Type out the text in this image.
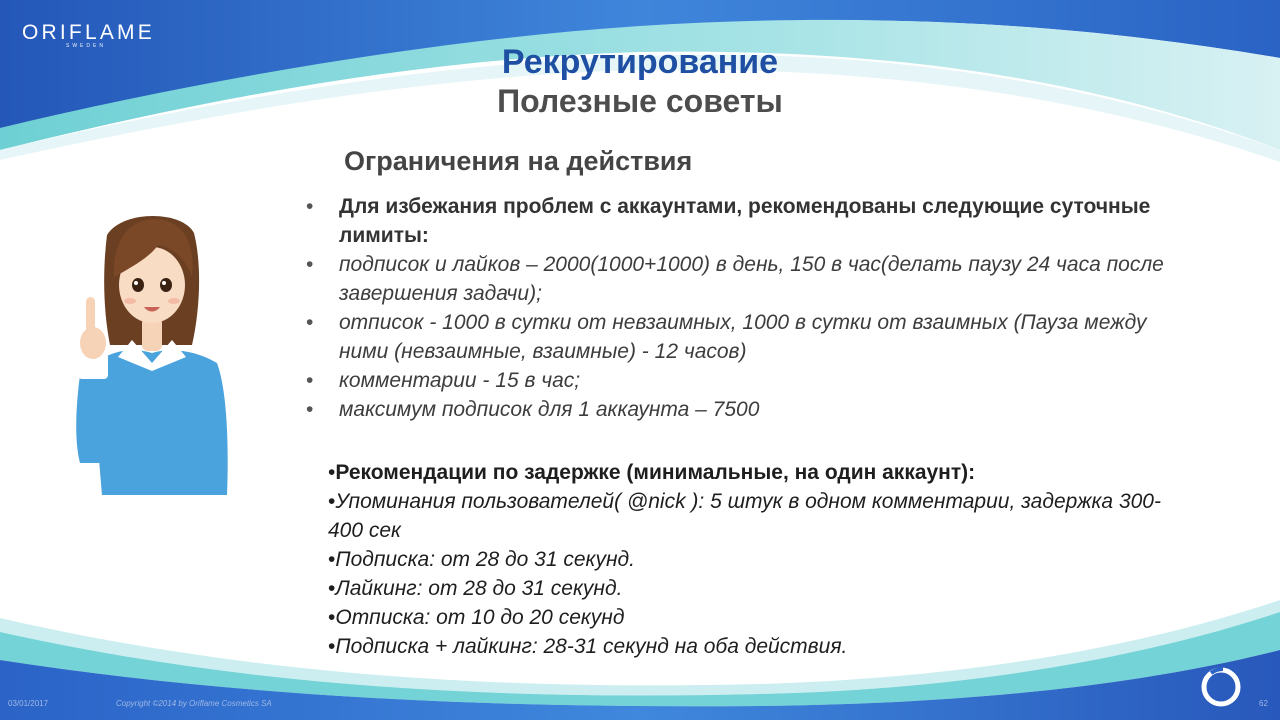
ORIFLAME
SWEDEN	Рекрутирование
Полезные советы
Ограничения на действия
• Для избежания проблем с аккаунтами, рекомендованы следующие суточные лимиты:
• подписок и лайков – 2000(1000+1000) в день, 150 в час(делать паузу 24 часа после завершения задачи);
• отписок - 1000 в сутки от невзаимных, 1000 в сутки от взаимных (Пауза между ними (невзаимные, взаимные) - 12 часов)
• комментарии - 15 в час;
• максимум подписок для 1 аккаунта – 7500
•Рекомендации по задержке (минимальные, на один аккаунт):
•Упоминания пользователей( @nick ): 5 штук в одном комментарии, задержка 300-400 сек
•Подписка: от 28 до 31 секунд.
•Лайкинг: от 28 до 31 секунд.
•Отписка: от 10 до 20 секунд
•Подписка + лайкинг: 28-31 секунд на оба действия.
03/01/2017	Copyright ©2014 by Oriflame Cosmetics SA	62
